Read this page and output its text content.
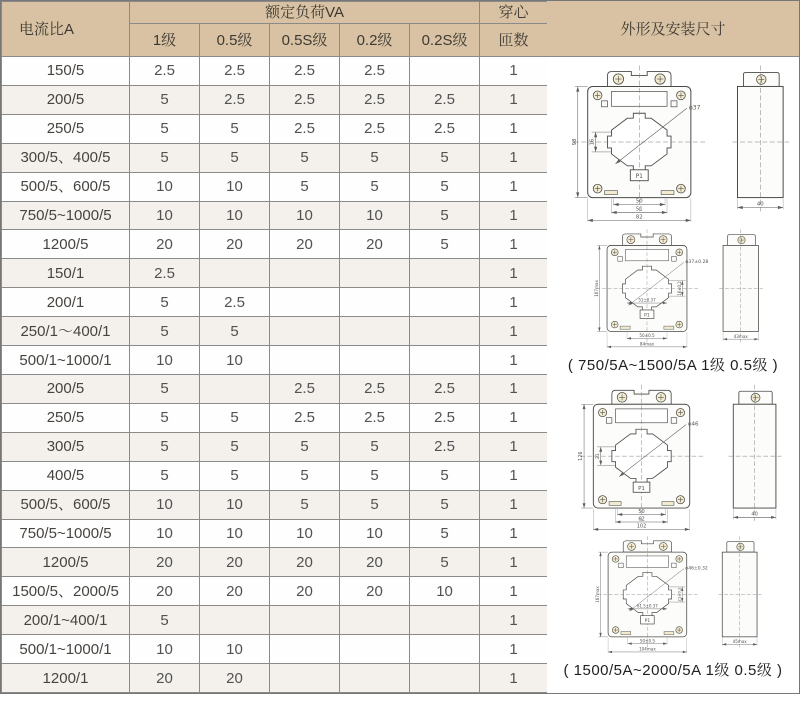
电流比A	额定负荷VA					穿心
	1级	0.5级	0.5S级	0.2级	0.2S级	匝数
150/5	2.5	2.5	2.5	2.5		1
200/5	5	2.5	2.5	2.5	2.5	1
250/5	5	5	2.5	2.5	2.5	1
300/5、400/5	5	5	5	5	5	1
500/5、600/5	10	10	5	5	5	1
750/5~1000/5	10	10	10	10	5	1
1200/5	20	20	20	20	5	1
150/1	2.5					1
200/1	5	2.5				1
250/1～400/1	5	5				1
500/1~1000/1	10	10				1
200/5	5		2.5	2.5	2.5	1
250/5	5	5	2.5	2.5	2.5	1
300/5	5	5	5	5	2.5	1
400/5	5	5	5	5	5	1
500/5、600/5	10	10	5	5	5	1
750/5~1000/5	10	10	10	10	5	1
1200/5	20	20	20	20	5	1
1500/5、2000/5	20	20	20	20	10	1
200/1~400/1	5					1
500/1~1000/1	10	10				1
1200/1	20	20				1
外形及安装尺寸
φ37
98 16
P1
50
51
82
40
φ37±0.28
107max	16±0.2
51±0.37
P1
50±0.5
84max
43max
( 750/5A~1500/5A 1级 0.5级 )
φ46
126 21
P1
50
62
102
40
φ46±0.32
107max	21±0.2
61.5±0.37
P1
50±0.5
104max
45max
( 1500/5A~2000/5A 1级 0.5级 )
